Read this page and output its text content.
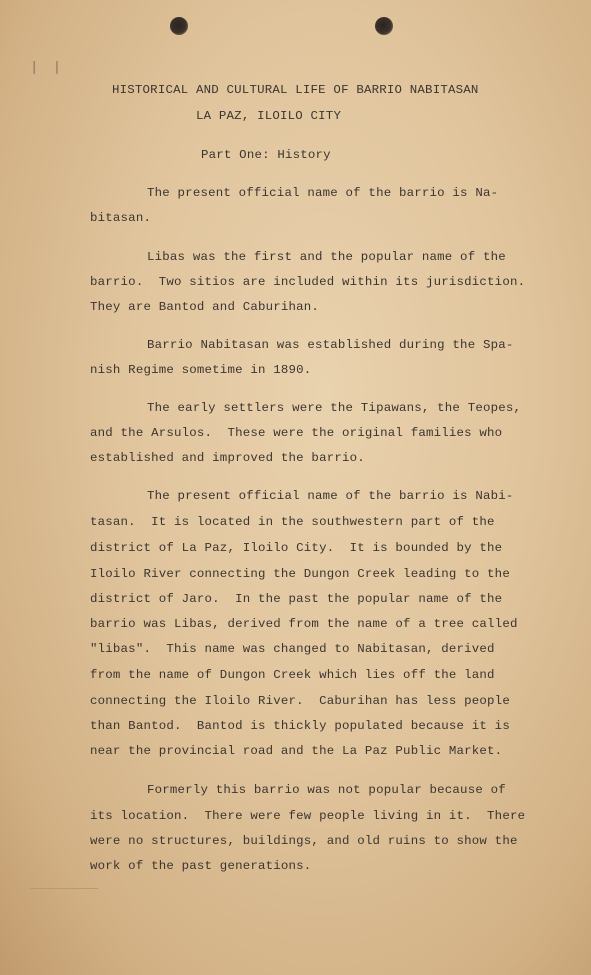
| |

HISTORICAL AND CULTURAL LIFE OF BARRIO NABITASAN

LA PAZ, ILOILO CITY

Part One: History

The present official name of the barrio is Na-

bitasan.

Libas was the first and the popular name of the

barrio.  Two sitios are included within its jurisdiction.

They are Bantod and Caburihan.

Barrio Nabitasan was established during the Spa-

nish Regime sometime in 1890.

The early settlers were the Tipawans, the Teopes,

and the Arsulos.  These were the original families who

established and improved the barrio.

The present official name of the barrio is Nabi-

tasan.  It is located in the southwestern part of the

district of La Paz, Iloilo City.  It is bounded by the

Iloilo River connecting the Dungon Creek leading to the

district of Jaro.  In the past the popular name of the

barrio was Libas, derived from the name of a tree called

"libas".  This name was changed to Nabitasan, derived

from the name of Dungon Creek which lies off the land

connecting the Iloilo River.  Caburihan has less people

than Bantod.  Bantod is thickly populated because it is

near the provincial road and the La Paz Public Market.

Formerly this barrio was not popular because of

its location.  There were few people living in it.  There

were no structures, buildings, and old ruins to show the

work of the past generations.
